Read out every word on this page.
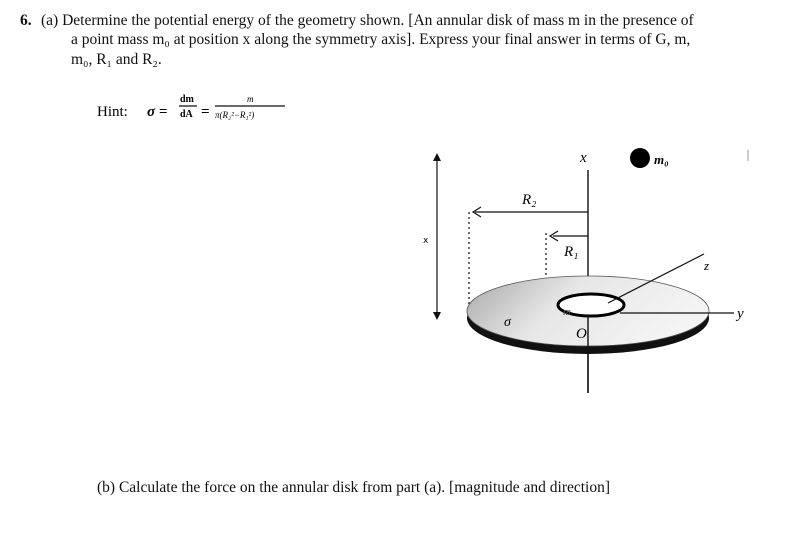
6. (a) Determine the potential energy of the geometry shown. [An annular disk of mass m in the presence of
a point mass m₀ at position x along the symmetry axis]. Express your final answer in terms of G, m,
m₀, R₁ and R₂.
Hint: σ =
dm
dA =
m
π(R₂²−R₁²)
x	m₀
x
R₂
R₁
z
y
σ
m
O
(b) Calculate the force on the annular disk from part (a). [magnitude and direction]
